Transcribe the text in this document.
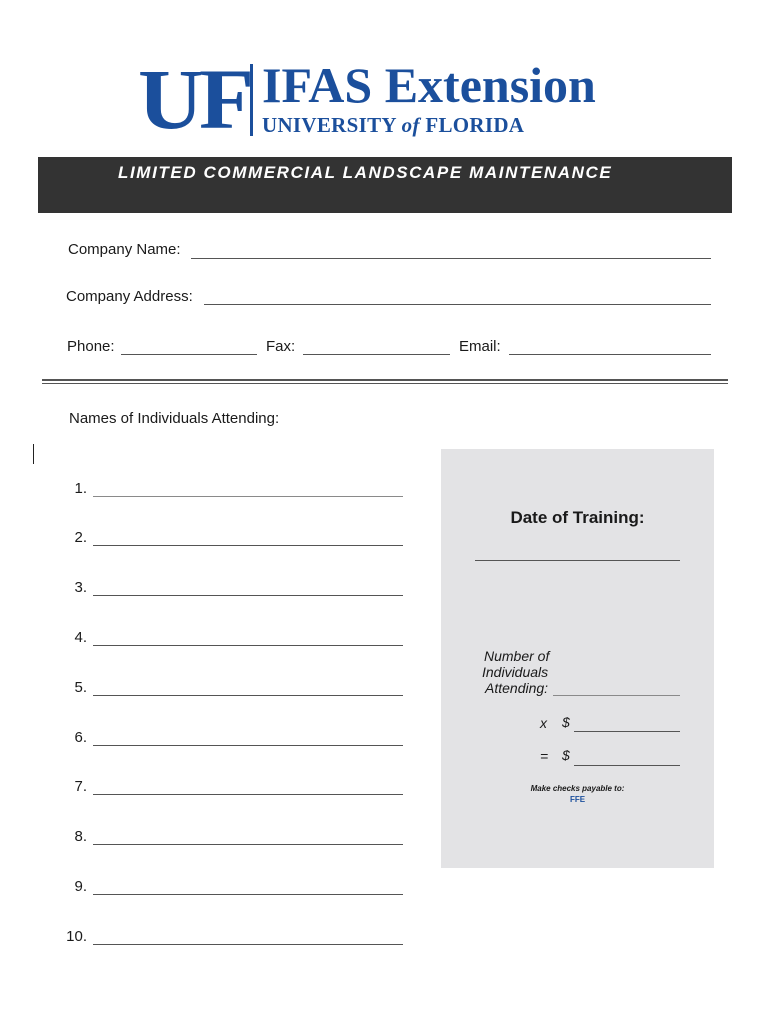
UF IFAS Extension
UNIVERSITY of FLORIDA
LIMITED COMMERCIAL LANDSCAPE MAINTENANCE
Company Name:
Company Address:
Phone:	Fax:	Email:
Names of Individuals Attending:
1.
2.
3.
4.
5.
6.
7.
8.
9.
10.
Date of Training:
Number of
Individuals
Attending:
x $
= $
Make checks payable to:
FFE
